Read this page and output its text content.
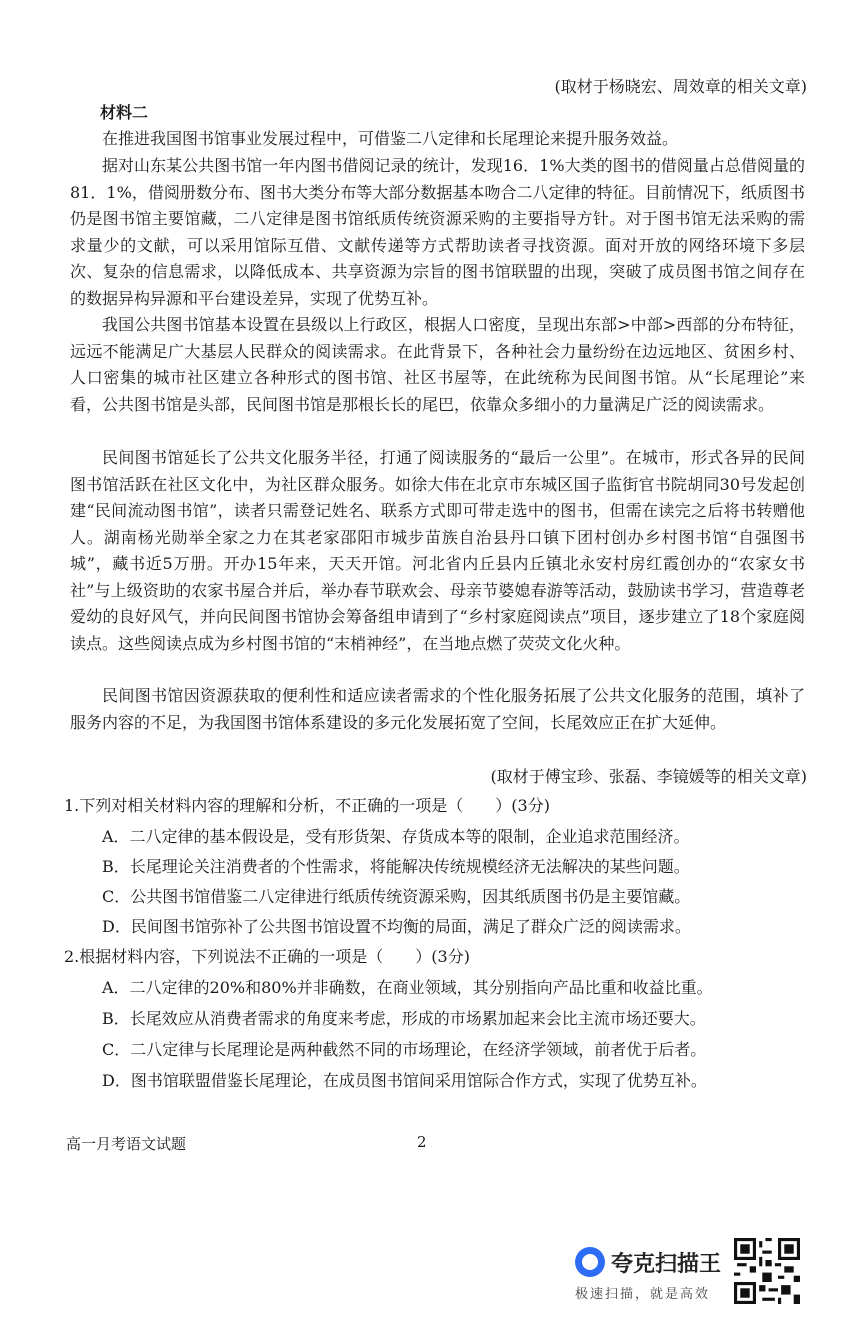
(取材于杨晓宏、周效章的相关文章)
材料二
在推进我国图书馆事业发展过程中，可借鉴二八定律和长尾理论来提升服务效益。
据对山东某公共图书馆一年内图书借阅记录的统计，发现16．1%大类的图书的借阅量占总借阅量的81．1%，借阅册数分布、图书大类分布等大部分数据基本吻合二八定律的特征。目前情况下，纸质图书仍是图书馆主要馆藏，二八定律是图书馆纸质传统资源采购的主要指导方针。对于图书馆无法采购的需求量少的文献，可以采用馆际互借、文献传递等方式帮助读者寻找资源。面对开放的网络环境下多层次、复杂的信息需求，以降低成本、共享资源为宗旨的图书馆联盟的出现，突破了成员图书馆之间存在的数据异构异源和平台建设差异，实现了优势互补。
我国公共图书馆基本设置在县级以上行政区，根据人口密度，呈现出东部>中部>西部的分布特征，远远不能满足广大基层人民群众的阅读需求。在此背景下，各种社会力量纷纷在边远地区、贫困乡村、人口密集的城市社区建立各种形式的图书馆、社区书屋等，在此统称为民间图书馆。从“长尾理论”来看，公共图书馆是头部，民间图书馆是那根长长的尾巴，依靠众多细小的力量满足广泛的阅读需求。
民间图书馆延长了公共文化服务半径，打通了阅读服务的“最后一公里”。在城市，形式各异的民间图书馆活跃在社区文化中，为社区群众服务。如徐大伟在北京市东城区国子监街官书院胡同30号发起创建“民间流动图书馆”，读者只需登记姓名、联系方式即可带走选中的图书，但需在读完之后将书转赠他人。湖南杨光勋举全家之力在其老家邵阳市城步苗族自治县丹口镇下团村创办乡村图书馆“自强图书城”，藏书近5万册。开办15年来，天天开馆。河北省内丘县内丘镇北永安村房红霞创办的“农家女书社”与上级资助的农家书屋合并后，举办春节联欢会、母亲节婆媳春游等活动，鼓励读书学习，营造尊老爱幼的良好风气，并向民间图书馆协会筹备组申请到了“乡村家庭阅读点”项目，逐步建立了18个家庭阅读点。这些阅读点成为乡村图书馆的“末梢神经”，在当地点燃了荧荧文化火种。
民间图书馆因资源获取的便利性和适应读者需求的个性化服务拓展了公共文化服务的范围，填补了服务内容的不足，为我国图书馆体系建设的多元化发展拓宽了空间，长尾效应正在扩大延伸。
(取材于傅宝珍、张磊、李镜媛等的相关文章)
1.下列对相关材料内容的理解和分析，不正确的一项是（　　）(3分)
A．二八定律的基本假设是，受有形货架、存货成本等的限制，企业追求范围经济。
B．长尾理论关注消费者的个性需求，将能解决传统规模经济无法解决的某些问题。
C．公共图书馆借鉴二八定律进行纸质传统资源采购，因其纸质图书仍是主要馆藏。
D．民间图书馆弥补了公共图书馆设置不均衡的局面，满足了群众广泛的阅读需求。
2.根据材料内容，下列说法不正确的一项是（　　）(3分)
A．二八定律的20%和80%并非确数，在商业领域，其分别指向产品比重和收益比重。
B．长尾效应从消费者需求的角度来考虑，形成的市场累加起来会比主流市场还要大。
C．二八定律与长尾理论是两种截然不同的市场理论，在经济学领域，前者优于后者。
D．图书馆联盟借鉴长尾理论，在成员图书馆间采用馆际合作方式，实现了优势互补。
高一月考语文试题	2
夸克扫描王
极速扫描，就是高效
